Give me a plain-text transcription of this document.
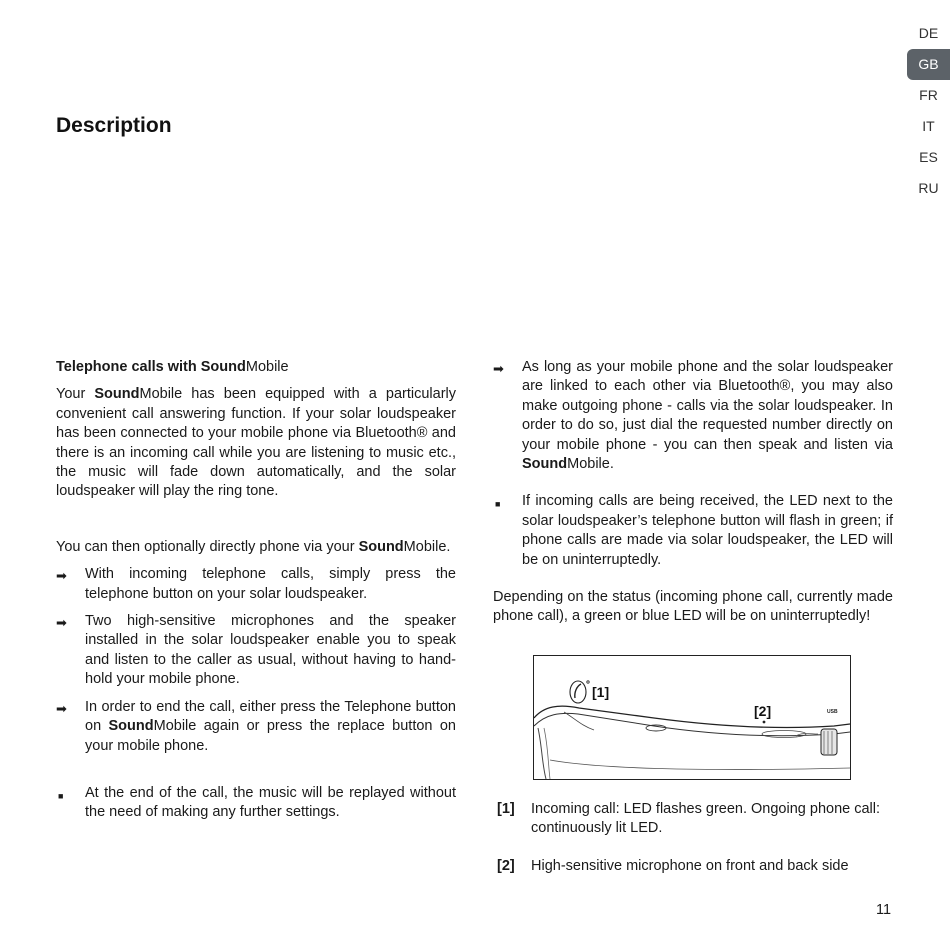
DE
GB
FR
IT
ES
RU
Description
Telephone calls with SoundMobile

Your SoundMobile has been equipped with a particularly convenient call answering function. If your solar loudspeaker has been connected to your mobile phone via Bluetooth® and there is an incoming call while you are listening to music etc., the music will fade down automatically, and the solar loudspeaker will play the ring tone.

You can then optionally directly phone via your SoundMobile.

➡	With incoming telephone calls, simply press the telephone button on your solar loudspeaker.
➡	Two high-sensitive microphones and the speaker installed in the solar loudspeaker enable you to speak and listen to the caller as usual, without having to hand-hold your mobile phone.
➡	In order to end the call, either press the Telephone button on SoundMobile again or press the replace button on your mobile phone.
■	At the end of the call, the music will be replayed without the need of making any further settings.
➡	As long as your mobile phone and the solar loudspeaker are linked to each other via Bluetooth®, you may also make outgoing phone - calls via the solar loudspeaker. In order to do so, just dial the requested number directly on your mobile phone - you can then speak and listen via SoundMobile.
■	If incoming calls are being received, the LED next to the solar loudspeaker’s telephone button will flash in green; if phone calls are made via solar loudspeaker, the LED will be on uninterruptedly.

Depending on the status (incoming phone call, currently made phone call), a green or blue LED will be on uninterruptedly!

[1]
[2]	USB
[1]	Incoming call: LED flashes green. Ongoing phone call: continuously lit LED.
[2]	High-sensitive microphone on front and back side
11
